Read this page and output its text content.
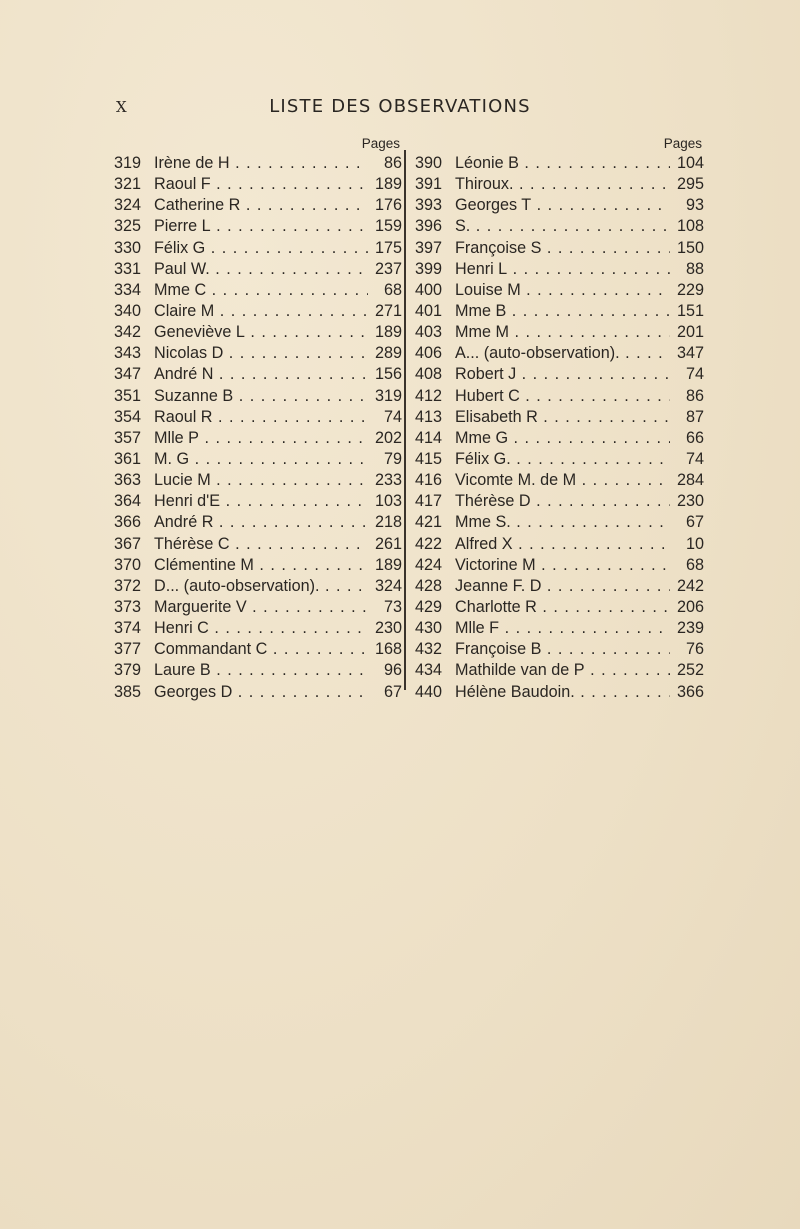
X	LISTE DES OBSERVATIONS
Pages
319 Irène de H . . .	86
321 Raoul F . . .	189
324 Catherine R . . .	176
325 Pierre L . . .	159
330 Félix G . . .	175
331 Paul W. . . .	237
334 Mme C . . .	68
340 Claire M . . .	271
342 Geneviève L . . .	189
343 Nicolas D . . .	289
347 André N . . .	156
351 Suzanne B . . .	319
354 Raoul R . . .	74
357 Mlle P . . .	202
361 M. G . . .	79
363 Lucie M . . .	233
364 Henri d'E . . .	103
366 André R . . .	218
367 Thérèse C . . .	261
370 Clémentine M . . .	189
372 D... (auto-observation). . . .	324
373 Marguerite V . . .	73
374 Henri C . . .	230
377 Commandant C . . .	168
379 Laure B . . .	96
385 Georges D . . .	67
Pages
390 Léonie B . . .	104
391 Thiroux. . . .	295
393 Georges T . . .	93
396 S. . . .	108
397 Françoise S . . .	150
399 Henri L . . .	88
400 Louise M . . .	229
401 Mme B . . .	151
403 Mme M . . .	201
406 A... (auto-observation). . . .	347
408 Robert J . . .	74
412 Hubert C . . .	86
413 Elisabeth R . . .	87
414 Mme G . . .	66
415 Félix G. . . .	74
416 Vicomte M. de M . . .	284
417 Thérèse D . . .	230
421 Mme S. . . .	67
422 Alfred X . . .	10
424 Victorine M . . .	68
428 Jeanne F. D . . .	242
429 Charlotte R . . .	206
430 Mlle F . . .	239
432 Françoise B . . .	76
434 Mathilde van de P . . .	252
440 Hélène Baudoin. . . .	366
